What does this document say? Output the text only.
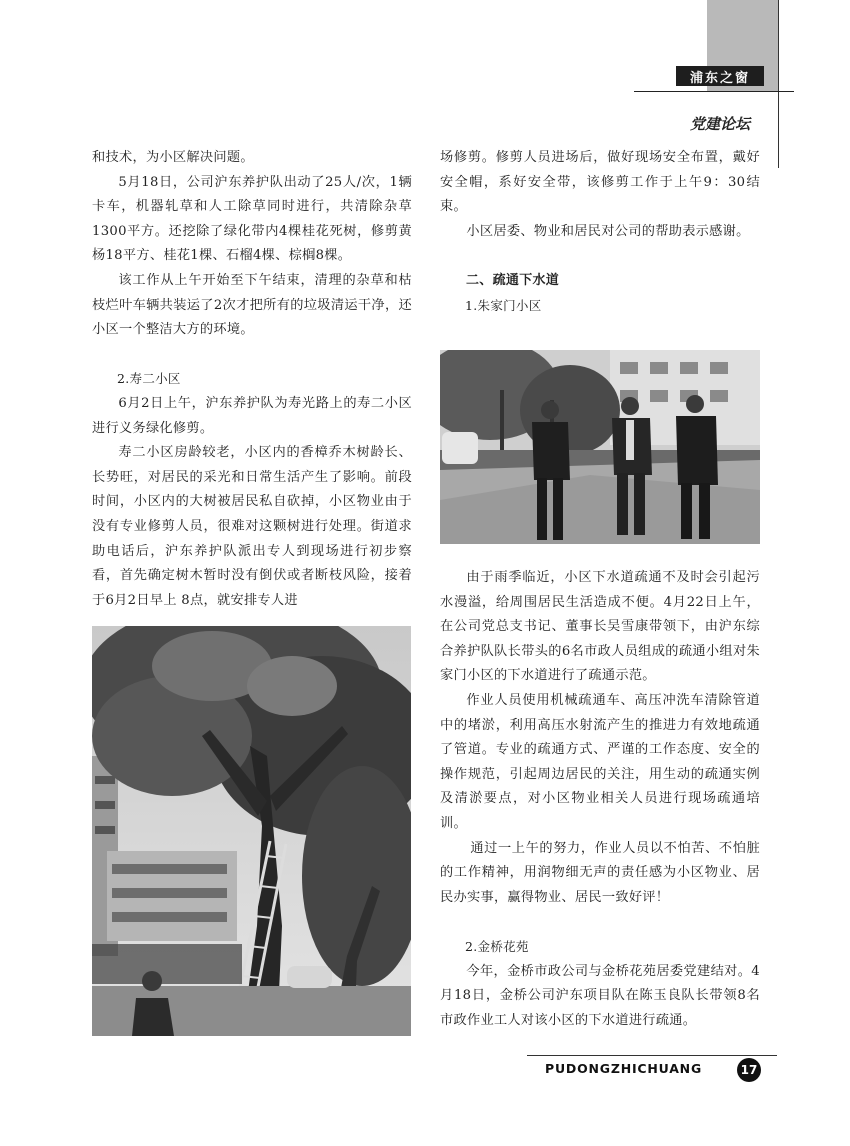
浦东之窗
党建论坛

和技术，为小区解决问题。

5月18日，公司沪东养护队出动了25人/次，1辆卡车，机器轧草和人工除草同时进行，共清除杂草1300平方。还挖除了绿化带内4棵桂花死树，修剪黄杨18平方、桂花1棵、石榴4棵、棕榈8棵。

该工作从上午开始至下午结束，清理的杂草和枯枝烂叶车辆共装运了2次才把所有的垃圾清运干净，还小区一个整洁大方的环境。

2.寿二小区

6月2日上午，沪东养护队为寿光路上的寿二小区进行义务绿化修剪。

寿二小区房龄较老，小区内的香樟乔木树龄长、长势旺，对居民的采光和日常生活产生了影响。前段时间，小区内的大树被居民私自砍掉，小区物业由于没有专业修剪人员，很难对这颗树进行处理。街道求助电话后，沪东养护队派出专人到现场进行初步察看，首先确定树木暂时没有倒伏或者断枝风险，接着于6月2日早上 8点，就安排专人进

场修剪。修剪人员进场后，做好现场安全布置，戴好安全帽，系好安全带，该修剪工作于上午9：30结束。

小区居委、物业和居民对公司的帮助表示感谢。

二、疏通下水道

1.朱家门小区

由于雨季临近，小区下水道疏通不及时会引起污水漫溢，给周围居民生活造成不便。4月22日上午，在公司党总支书记、董事长吴雪康带领下，由沪东综合养护队队长带头的6名市政人员组成的疏通小组对朱家门小区的下水道进行了疏通示范。

作业人员使用机械疏通车、高压冲洗车清除管道中的堵淤，利用高压水射流产生的推进力有效地疏通了管道。专业的疏通方式、严谨的工作态度、安全的操作规范，引起周边居民的关注，用生动的疏通实例及清淤要点，对小区物业相关人员进行现场疏通培训。

通过一上午的努力，作业人员以不怕苦、不怕脏的工作精神，用润物细无声的责任感为小区物业、居民办实事，赢得物业、居民一致好评！

2.金桥花苑

今年，金桥市政公司与金桥花苑居委党建结对。4月18日，金桥公司沪东项目队在陈玉良队长带领8名市政作业工人对该小区的下水道进行疏通。

PUDONGZHICHUANG	17
